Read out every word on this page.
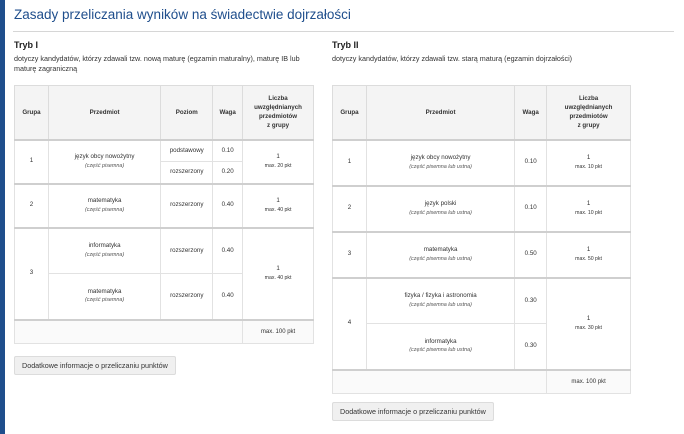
Zasady przeliczania wyników na świadectwie dojrzałości
Tryb I
dotyczy kandydatów, którzy zdawali tzw. nową maturę (egzamin maturalny), maturę IB lub maturę zagraniczną
Grupa	Przedmiot	Poziom	Waga	Liczba
uwzględnianych
przedmiotów
z grupy
1	język obcy nowożytny
(część pisemna)	podstawowy	0.10	1
max. 20 pkt
		rozszerzony	0.20	
2	matematyka
(część pisemna)	rozszerzony	0.40	1
max. 40 pkt
3	informatyka
(część pisemna)	rozszerzony	0.40	1
max. 40 pkt
	matematyka
(część pisemna)	rozszerzony	0.40	
				max. 100 pkt
Dodatkowe informacje o przeliczaniu punktów
Tryb II
dotyczy kandydatów, którzy zdawali tzw. starą maturą (egzamin dojrzałości)
Grupa	Przedmiot	Waga	Liczba
uwzględnianych
przedmiotów
z grupy
1	język obcy nowożytny
(część pisemna lub ustna)	0.10	1
max. 10 pkt
2	język polski
(część pisemna lub ustna)	0.10	1
max. 10 pkt
3	matematyka
(część pisemna lub ustna)	0.50	1
max. 50 pkt
4	fizyka / fizyka i astronomia
(część pisemna lub ustna)	0.30	1
max. 30 pkt
	informatyka
(część pisemna lub ustna)	0.30	
			max. 100 pkt
Dodatkowe informacje o przeliczaniu punktów
